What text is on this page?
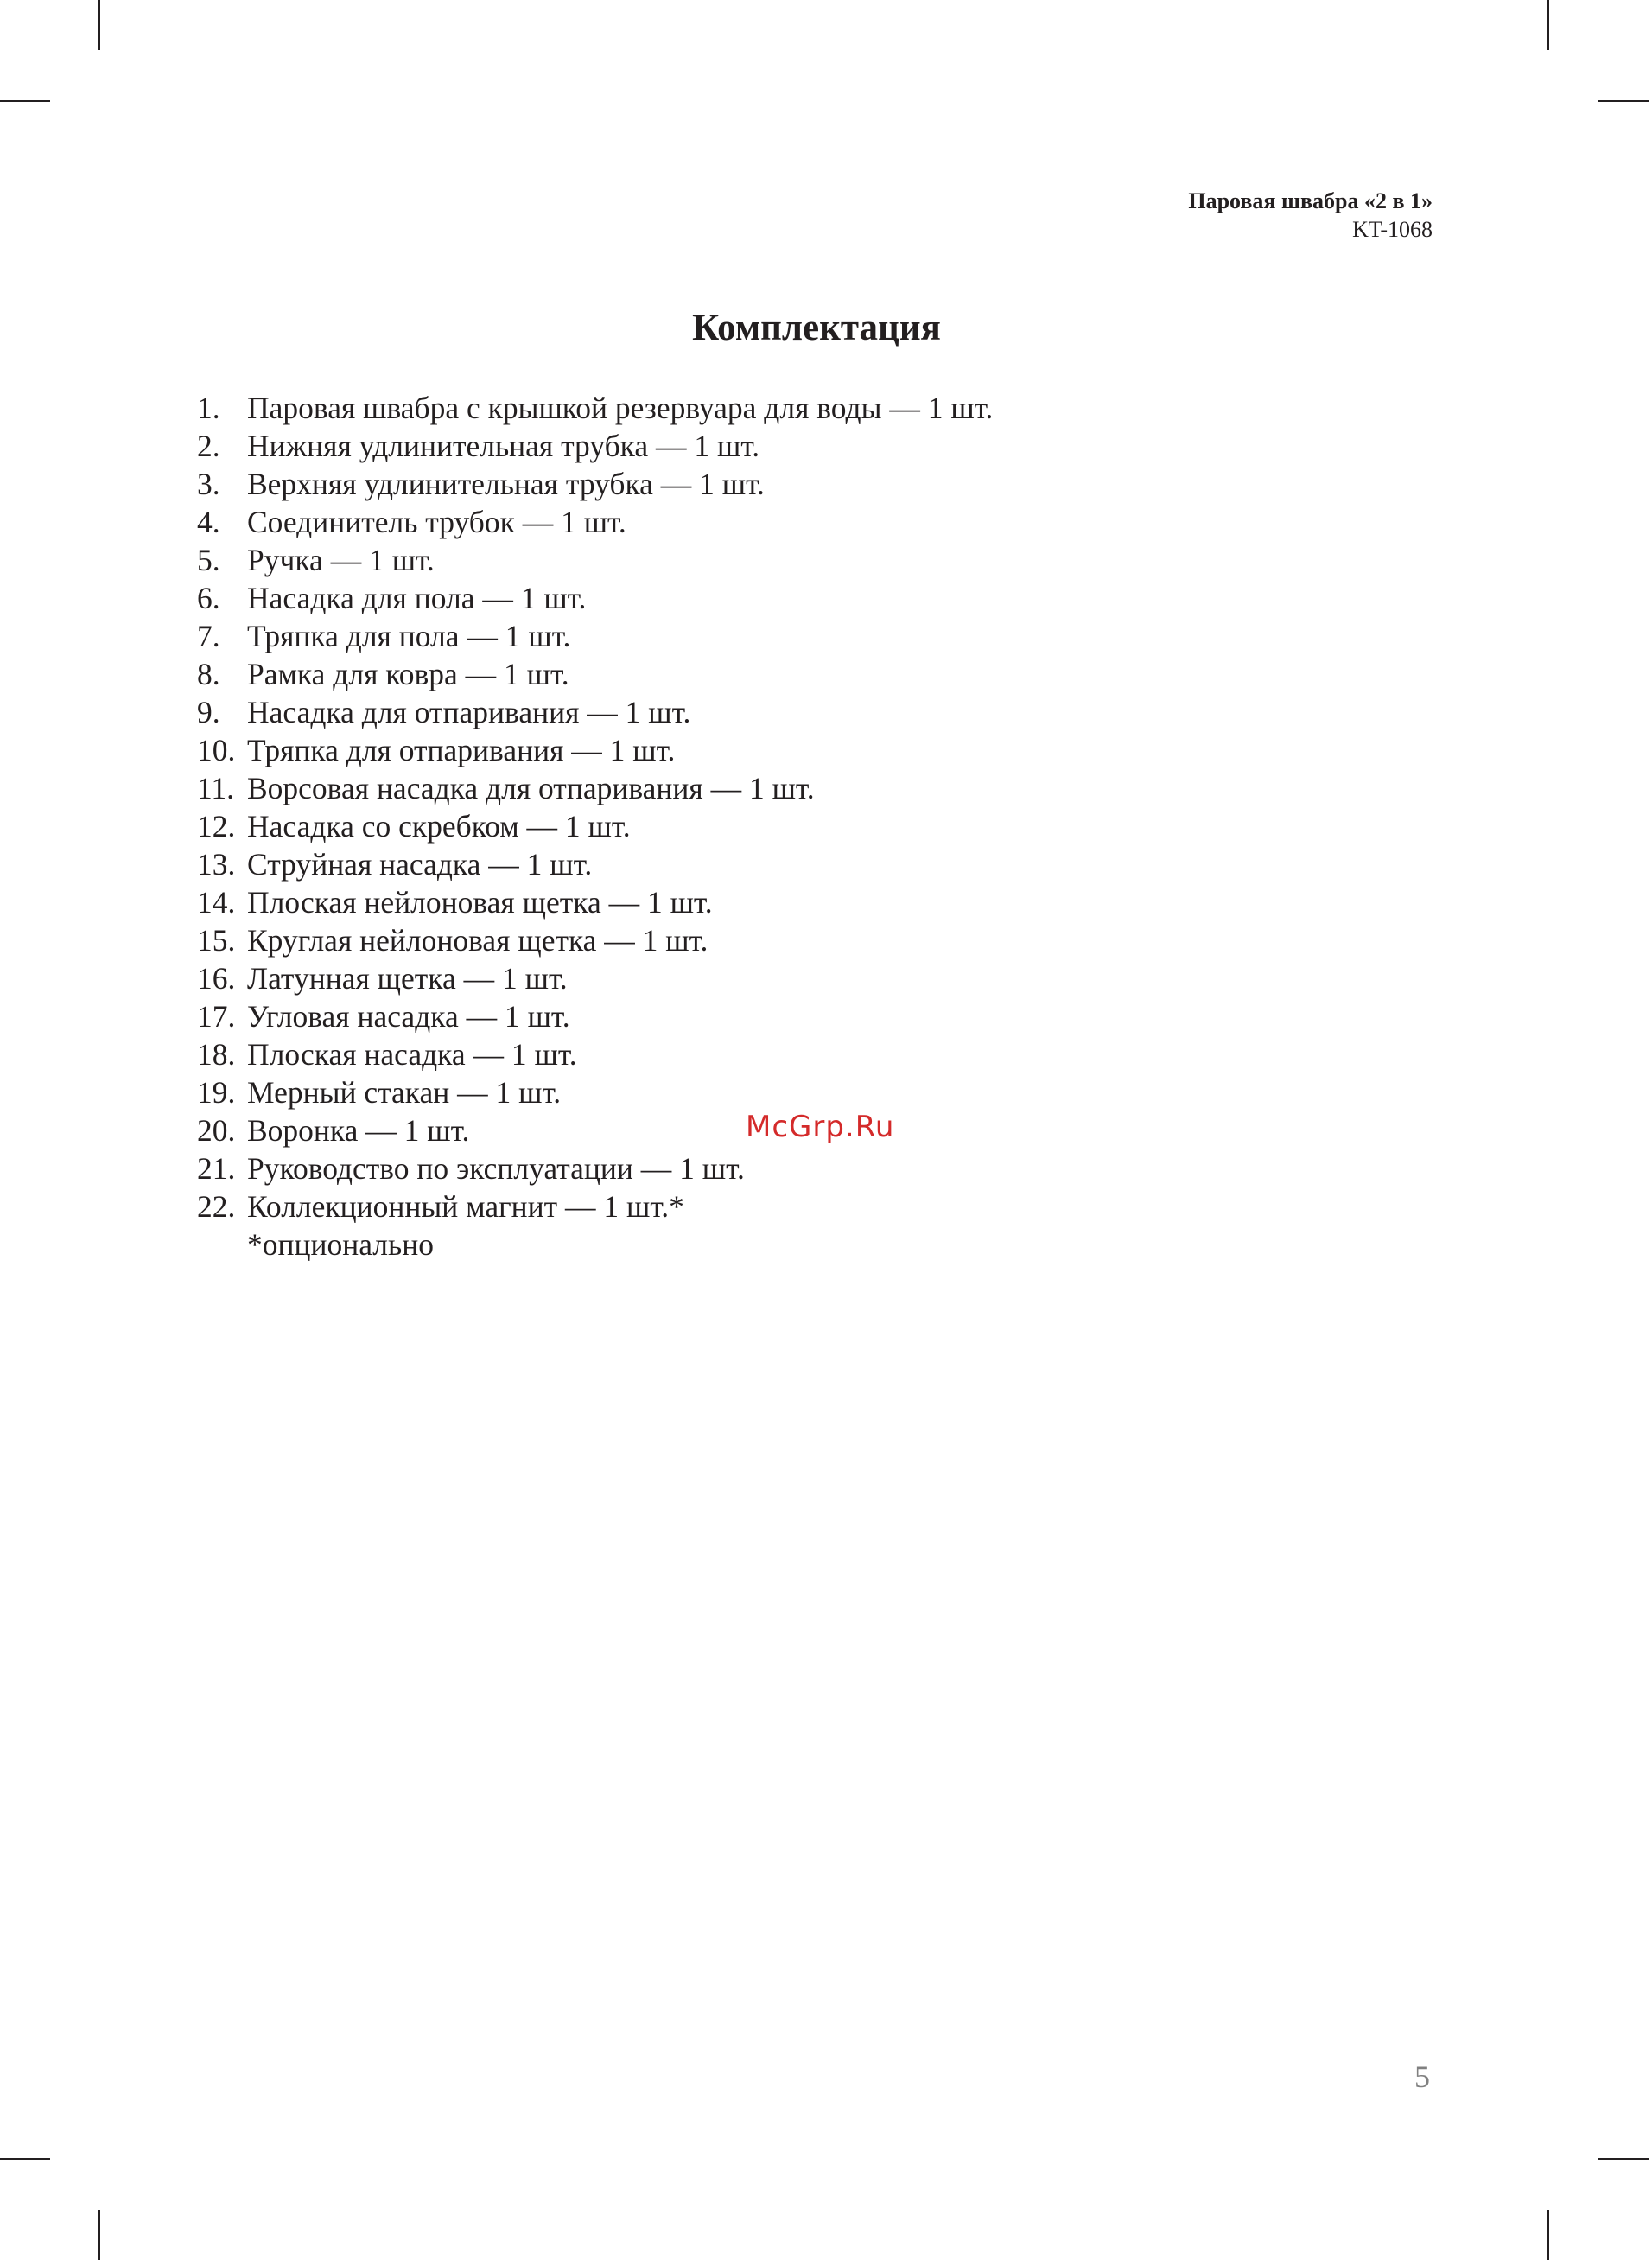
Паровая швабра «2 в 1»
KT-1068
Комплектация
1. Паровая швабра с крышкой резервуара для воды — 1 шт.
2. Нижняя удлинительная трубка — 1 шт.
3. Верхняя удлинительная трубка — 1 шт.
4. Соединитель трубок — 1 шт.
5. Ручка — 1 шт.
6. Насадка для пола — 1 шт.
7. Тряпка для пола — 1 шт.
8. Рамка для ковра — 1 шт.
9. Насадка для отпаривания — 1 шт.
10. Тряпка для отпаривания — 1 шт.
11. Ворсовая насадка для отпаривания — 1 шт.
12. Насадка со скребком — 1 шт.
13. Струйная насадка — 1 шт.
14. Плоская нейлоновая щетка — 1 шт.
15. Круглая нейлоновая щетка — 1 шт.
16. Латунная щетка — 1 шт.
17. Угловая насадка — 1 шт.
18. Плоская насадка — 1 шт.
19. Мерный стакан — 1 шт.
20. Воронка — 1 шт.
21. Руководство по эксплуатации — 1 шт.
22. Коллекционный магнит — 1 шт.*
*опционально
McGrp.Ru
5
